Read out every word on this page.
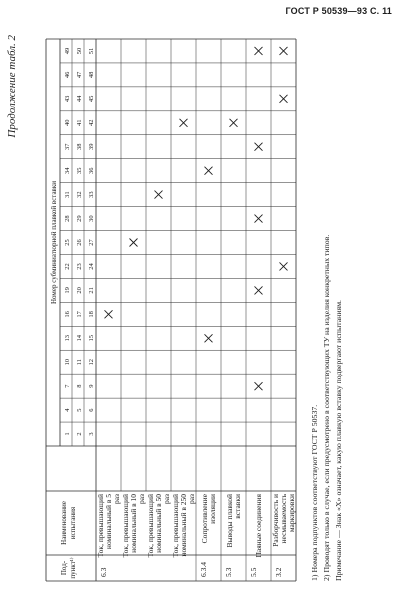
ГОСТ Р 50539—93 С. 11
Продолжение табл. 2
Под-пункт¹⁾
Наименованиеиспытания
Номер субминиатюрной плавкой вставки
1
4
7
10
13
16
19
22
25
28
31
34
37
40
43
46
49
2
5
8
11
14
17
20
23
26
29
32
35
38
41
44
47
50
3
6
9
12
15
18
21
24
27
30
33
36
39
42
45
48
51
6.3
Ток, превышающийноминальный в 5раз Ток, превышающийноминальный в 10раз Ток, превышающийноминальный в 50раз Ток, превышающийноминальный в 250раз
6.3.4
Сопротивлениеизоляции
5.3
Выводы плавкойвставки
5.5
Паяные соединения
3.2
Разборчивость инесмываемостьмаркировки 1) Номера подпунктов соответствуют ГОСТ Р 50537. 2) Проводят только в случае, если предусмотрено в соответствующих ТУ на изделия конкретных типов. Примечание — Знак «Х» означает, какую плавкую вставку подвергают испытаниям.
